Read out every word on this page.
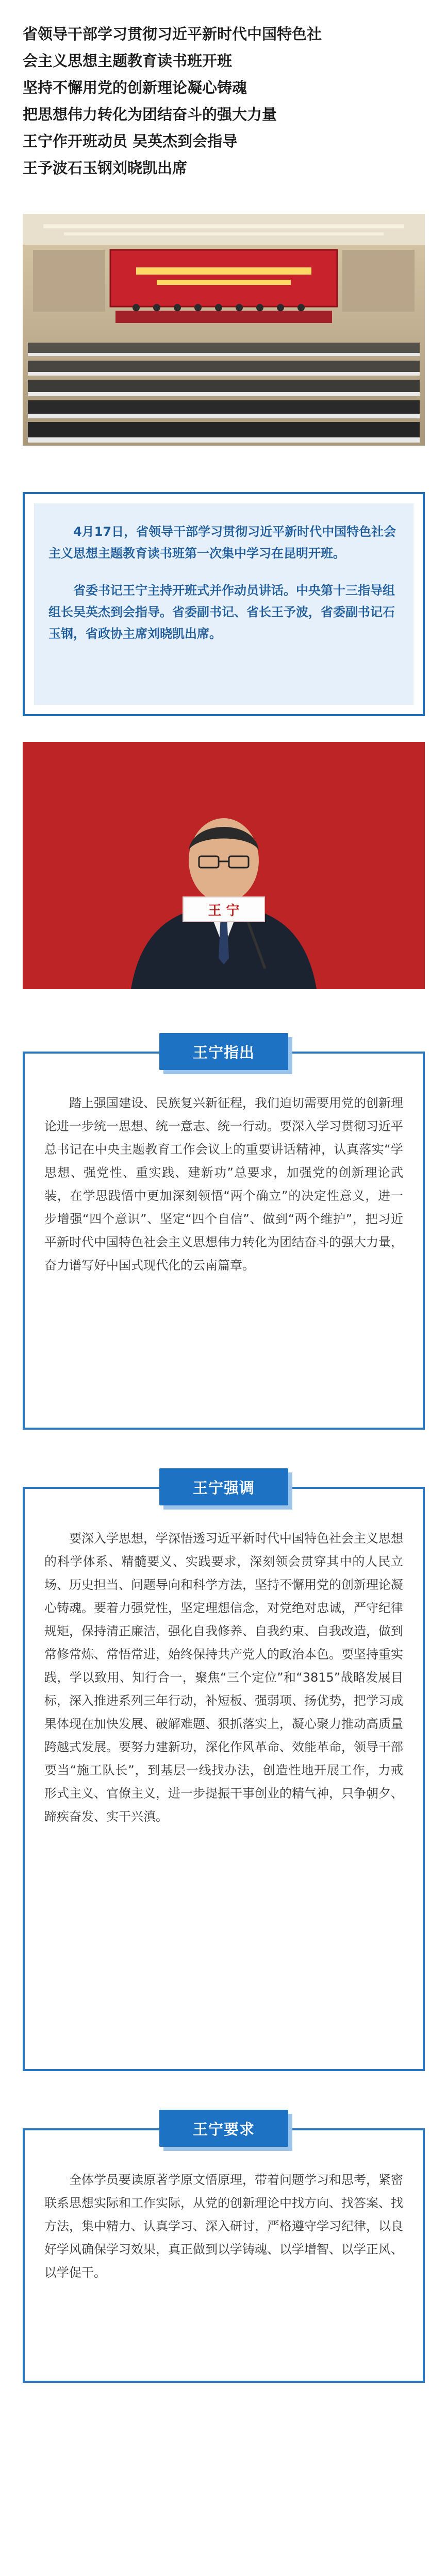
省领导干部学习贯彻习近平新时代中国特色社
会主义思想主题教育读书班开班
坚持不懈用党的创新理论凝心铸魂
把思想伟力转化为团结奋斗的强大力量
王宁作开班动员 吴英杰到会指导
王予波石玉钢刘晓凯出席

4月17日，省领导干部学习贯彻习近平新时代中国特色社会主义思想主题教育读书班第一次集中学习在昆明开班。

省委书记王宁主持开班式并作动员讲话。中央第十三指导组组长吴英杰到会指导。省委副书记、省长王予波，省委副书记石玉钢，省政协主席刘晓凯出席。

王 宁
踏上强国建设、民族复兴新征程，我们迫切需要用党的创新理论进一步统一思想、统一意志、统一行动。要深入学习贯彻习近平总书记在中央主题教育工作会议上的重要讲话精神，认真落实“学思想、强党性、重实践、建新功”总要求，加强党的创新理论武装，在学思践悟中更加深刻领悟“两个确立”的决定性意义，进一步增强“四个意识”、坚定“四个自信”、做到“两个维护”，把习近平新时代中国特色社会主义思想伟力转化为团结奋斗的强大力量，奋力谱写好中国式现代化的云南篇章。
王宁指出
要深入学思想，学深悟透习近平新时代中国特色社会主义思想的科学体系、精髓要义、实践要求，深刻领会贯穿其中的人民立场、历史担当、问题导向和科学方法，坚持不懈用党的创新理论凝心铸魂。要着力强党性，坚定理想信念，对党绝对忠诚，严守纪律规矩，保持清正廉洁，强化自我修养、自我约束、自我改造，做到常修常炼、常悟常进，始终保持共产党人的政治本色。要坚持重实践，学以致用、知行合一，聚焦“三个定位”和“3815”战略发展目标，深入推进系列三年行动，补短板、强弱项、扬优势，把学习成果体现在加快发展、破解难题、狠抓落实上，凝心聚力推动高质量跨越式发展。要努力建新功，深化作风革命、效能革命，领导干部要当“施工队长”，到基层一线找办法，创造性地开展工作，力戒形式主义、官僚主义，进一步提振干事创业的精气神，只争朝夕、蹄疾奋发、实干兴滇。
王宁强调
全体学员要读原著学原文悟原理，带着问题学习和思考，紧密联系思想实际和工作实际，从党的创新理论中找方向、找答案、找方法，集中精力、认真学习、深入研讨，严格遵守学习纪律，以良好学风确保学习效果，真正做到以学铸魂、以学增智、以学正风、以学促干。
王宁要求
